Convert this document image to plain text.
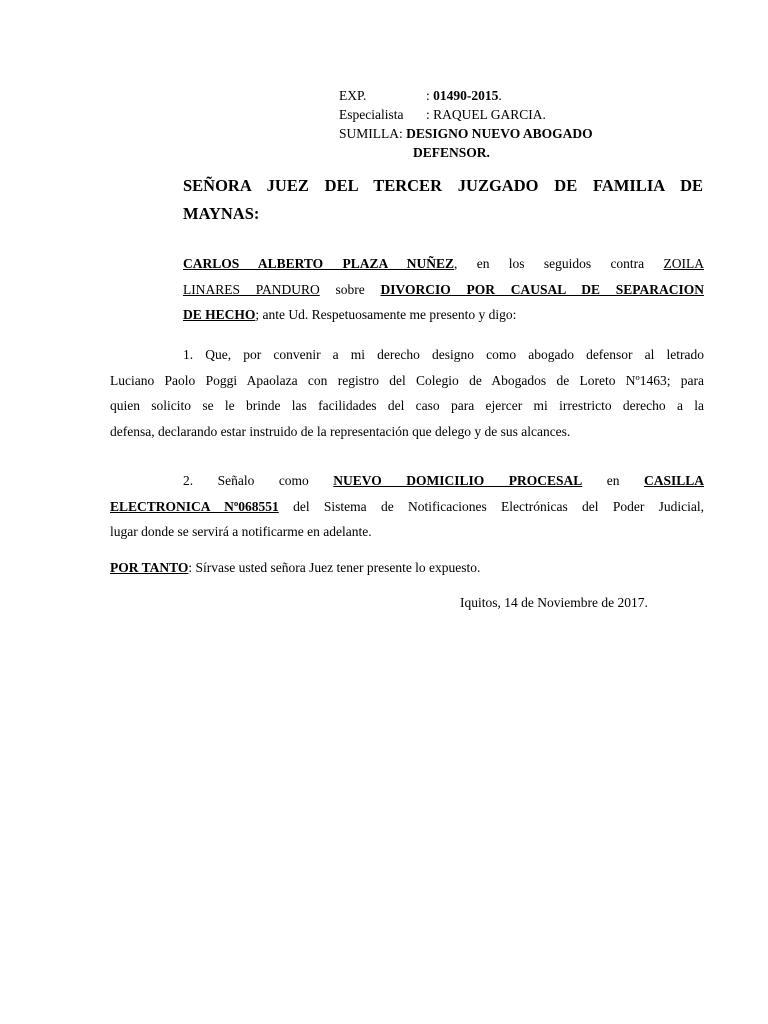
EXP.	: 01490-2015.
Especialista : RAQUEL GARCIA.
SUMILLA: DESIGNO NUEVO ABOGADO
DEFENSOR.
SEÑORA JUEZ DEL TERCER JUZGADO DE FAMILIA DE
MAYNAS:
CARLOS ALBERTO PLAZA NUÑEZ, en los seguidos contra ZOILA
LINARES PANDURO sobre DIVORCIO POR CAUSAL DE SEPARACION
DE HECHO; ante Ud. Respetuosamente me presento y digo:
1. Que, por convenir a mi derecho designo como abogado defensor al letrado
Luciano Paolo Poggi Apaolaza con registro del Colegio de Abogados de Loreto Nº1463; para
quien solicito se le brinde las facilidades del caso para ejercer mi irrestricto derecho a la
defensa, declarando estar instruido de la representación que delego y de sus alcances.
2. Señalo como NUEVO DOMICILIO PROCESAL en CASILLA
ELECTRONICA Nº068551 del Sistema de Notificaciones Electrónicas del Poder Judicial,
lugar donde se servirá a notificarme en adelante.
POR TANTO: Sírvase usted señora Juez tener presente lo expuesto.
Iquitos, 14 de Noviembre de 2017.
